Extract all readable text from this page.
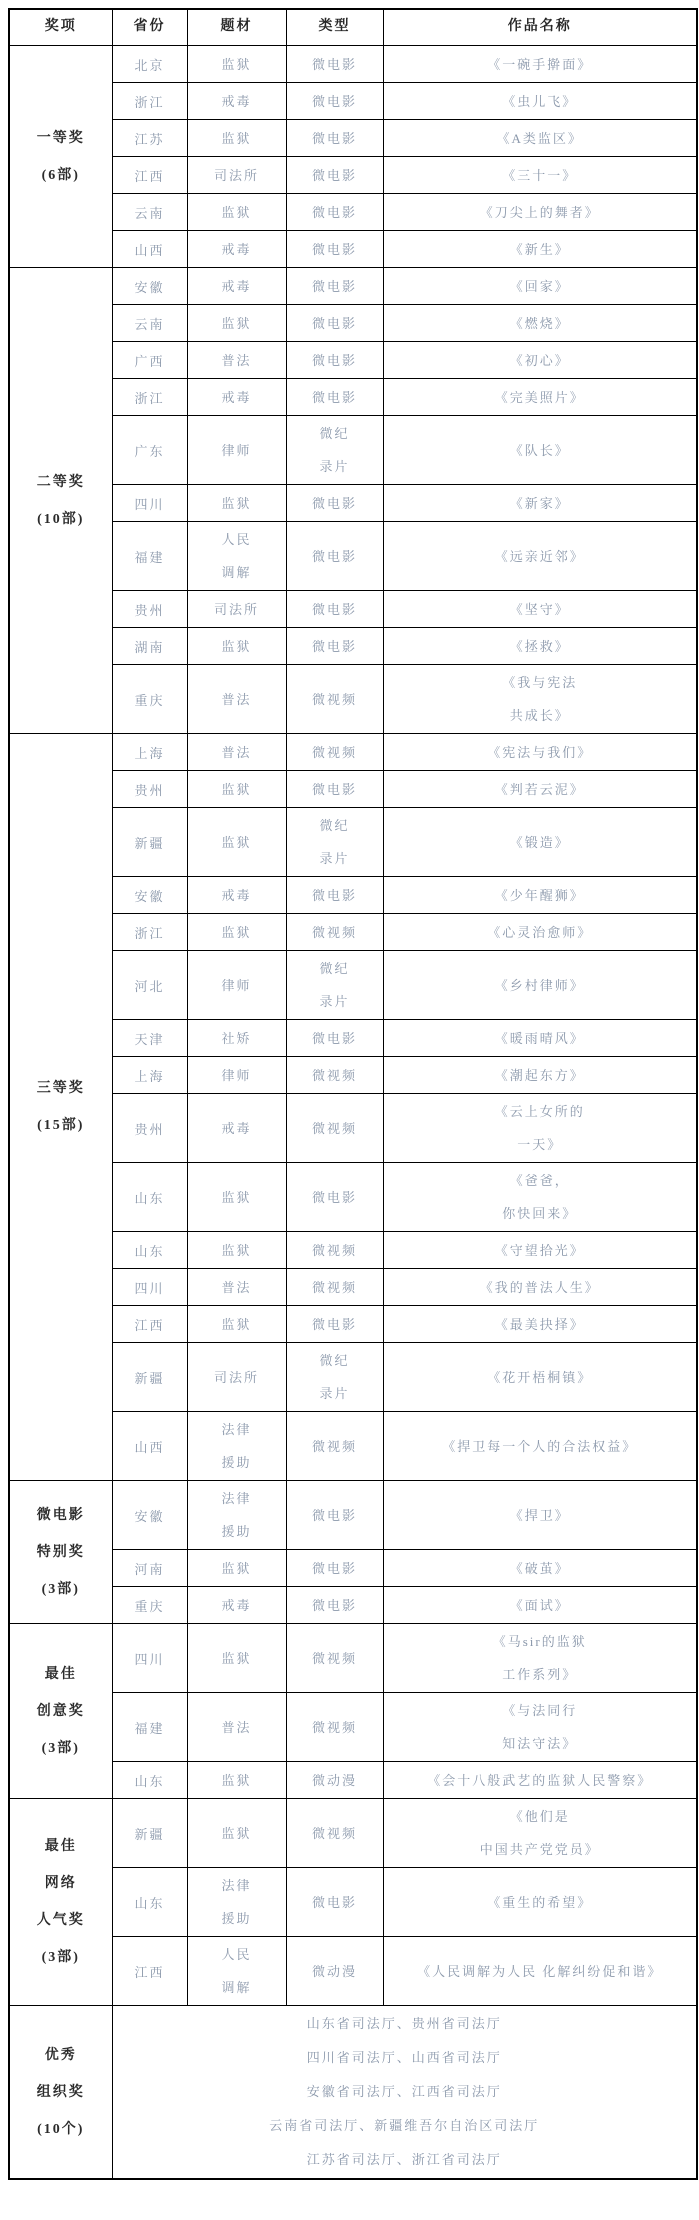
奖项	省份	题材	类型	作品名称

一等奖
(6部)	北京	监狱	微电影	《一碗手擀面》

	浙江	戒毒	微电影	《虫儿飞》

	江苏	监狱	微电影	《A类监区》

	江西	司法所	微电影	《三十一》

	云南	监狱	微电影	《刀尖上的舞者》

	山西	戒毒	微电影	《新生》

二等奖
(10部)	安徽	戒毒	微电影	《回家》

	云南	监狱	微电影	《燃烧》

	广西	普法	微电影	《初心》

	浙江	戒毒	微电影	《完美照片》

	广东	律师	微纪
录片	《队长》

	四川	监狱	微电影	《新家》

	福建	人民
调解	微电影	《远亲近邻》

	贵州	司法所	微电影	《坚守》

	湖南	监狱	微电影	《拯救》

	重庆	普法	微视频	《我与宪法
共成长》

三等奖
(15部)	上海	普法	微视频	《宪法与我们》

	贵州	监狱	微电影	《判若云泥》

	新疆	监狱	微纪
录片	《锻造》

	安徽	戒毒	微电影	《少年醒狮》

	浙江	监狱	微视频	《心灵治愈师》

	河北	律师	微纪
录片	《乡村律师》

	天津	社矫	微电影	《暖雨晴风》

	上海	律师	微视频	《潮起东方》

	贵州	戒毒	微视频	《云上女所的
一天》

	山东	监狱	微电影	《爸爸，
你快回来》

	山东	监狱	微视频	《守望拾光》

	四川	普法	微视频	《我的普法人生》

	江西	监狱	微电影	《最美抉择》

	新疆	司法所	微纪
录片	《花开梧桐镇》

	山西	法律
援助	微视频	《捍卫每一个人的合法权益》

微电影
特别奖
(3部)	安徽	法律
援助	微电影	《捍卫》

	河南	监狱	微电影	《破茧》

	重庆	戒毒	微电影	《面试》

最佳
创意奖
(3部)	四川	监狱	微视频	《马sir的监狱
工作系列》

	福建	普法	微视频	《与法同行
知法守法》

	山东	监狱	微动漫	《会十八般武艺的监狱人民警察》

最佳
网络
人气奖
(3部)	新疆	监狱	微视频	《他们是
中国共产党党员》

	山东	法律
援助	微电影	《重生的希望》

	江西	人民
调解	微动漫	《人民调解为人民 化解纠纷促和谐》

优秀
组织奖
(10个)	山东省司法厅、贵州省司法厅
四川省司法厅、山西省司法厅
安徽省司法厅、江西省司法厅
云南省司法厅、新疆维吾尔自治区司法厅
江苏省司法厅、浙江省司法厅			
